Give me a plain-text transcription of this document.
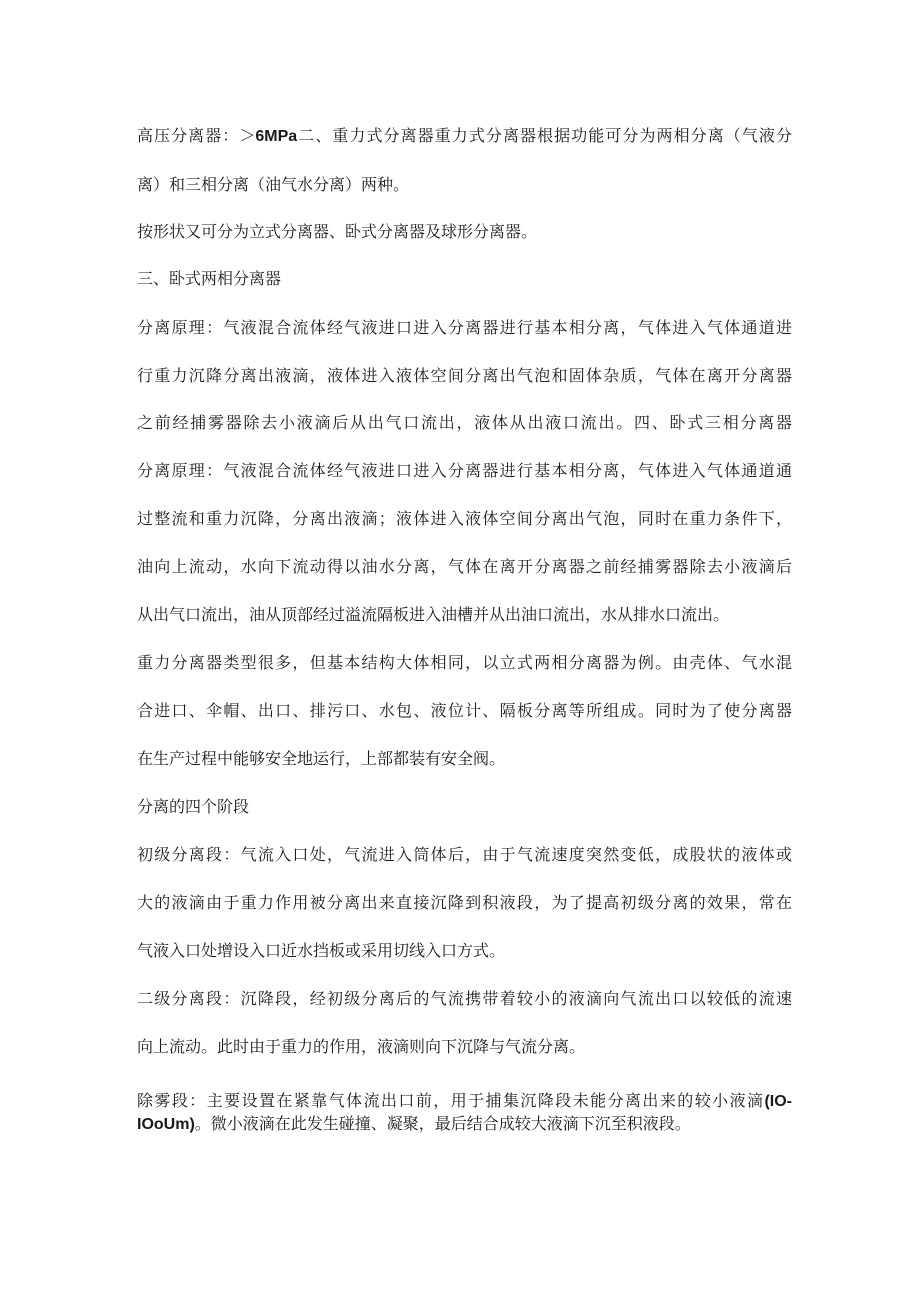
高压分离器：＞6MPa二、重力式分离器重力式分离器根据功能可分为两相分离（气液分
离）和三相分离（油气水分离）两种。
按形状又可分为立式分离器、卧式分离器及球形分离器。
三、卧式两相分离器
分离原理：气液混合流体经气液进口进入分离器进行基本相分离，气体进入气体通道进
行重力沉降分离出液滴，液体进入液体空间分离出气泡和固体杂质，气体在离开分离器
之前经捕雾器除去小液滴后从出气口流出，液体从出液口流出。四、卧式三相分离器
分离原理：气液混合流体经气液进口进入分离器进行基本相分离，气体进入气体通道通
过整流和重力沉降，分离出液滴；液体进入液体空间分离出气泡，同时在重力条件下，
油向上流动，水向下流动得以油水分离，气体在离开分离器之前经捕雾器除去小液滴后
从出气口流出，油从顶部经过溢流隔板进入油槽并从出油口流出，水从排水口流出。
重力分离器类型很多，但基本结构大体相同，以立式两相分离器为例。由壳体、气水混
合进口、伞帽、出口、排污口、水包、液位计、隔板分离等所组成。同时为了使分离器
在生产过程中能够安全地运行，上部都装有安全阀。
分离的四个阶段
初级分离段：气流入口处，气流进入筒体后，由于气流速度突然变低，成股状的液体或
大的液滴由于重力作用被分离出来直接沉降到积液段，为了提高初级分离的效果，常在
气液入口处增设入口近水挡板或采用切线入口方式。
二级分离段：沉降段，经初级分离后的气流携带着较小的液滴向气流出口以较低的流速
向上流动。此时由于重力的作用，液滴则向下沉降与气流分离。
除雾段：主要设置在紧靠气体流出口前，用于捕集沉降段未能分离出来的较小液滴(IO-
IOoUm)。微小液滴在此发生碰撞、凝聚，最后结合成较大液滴下沉至积液段。
